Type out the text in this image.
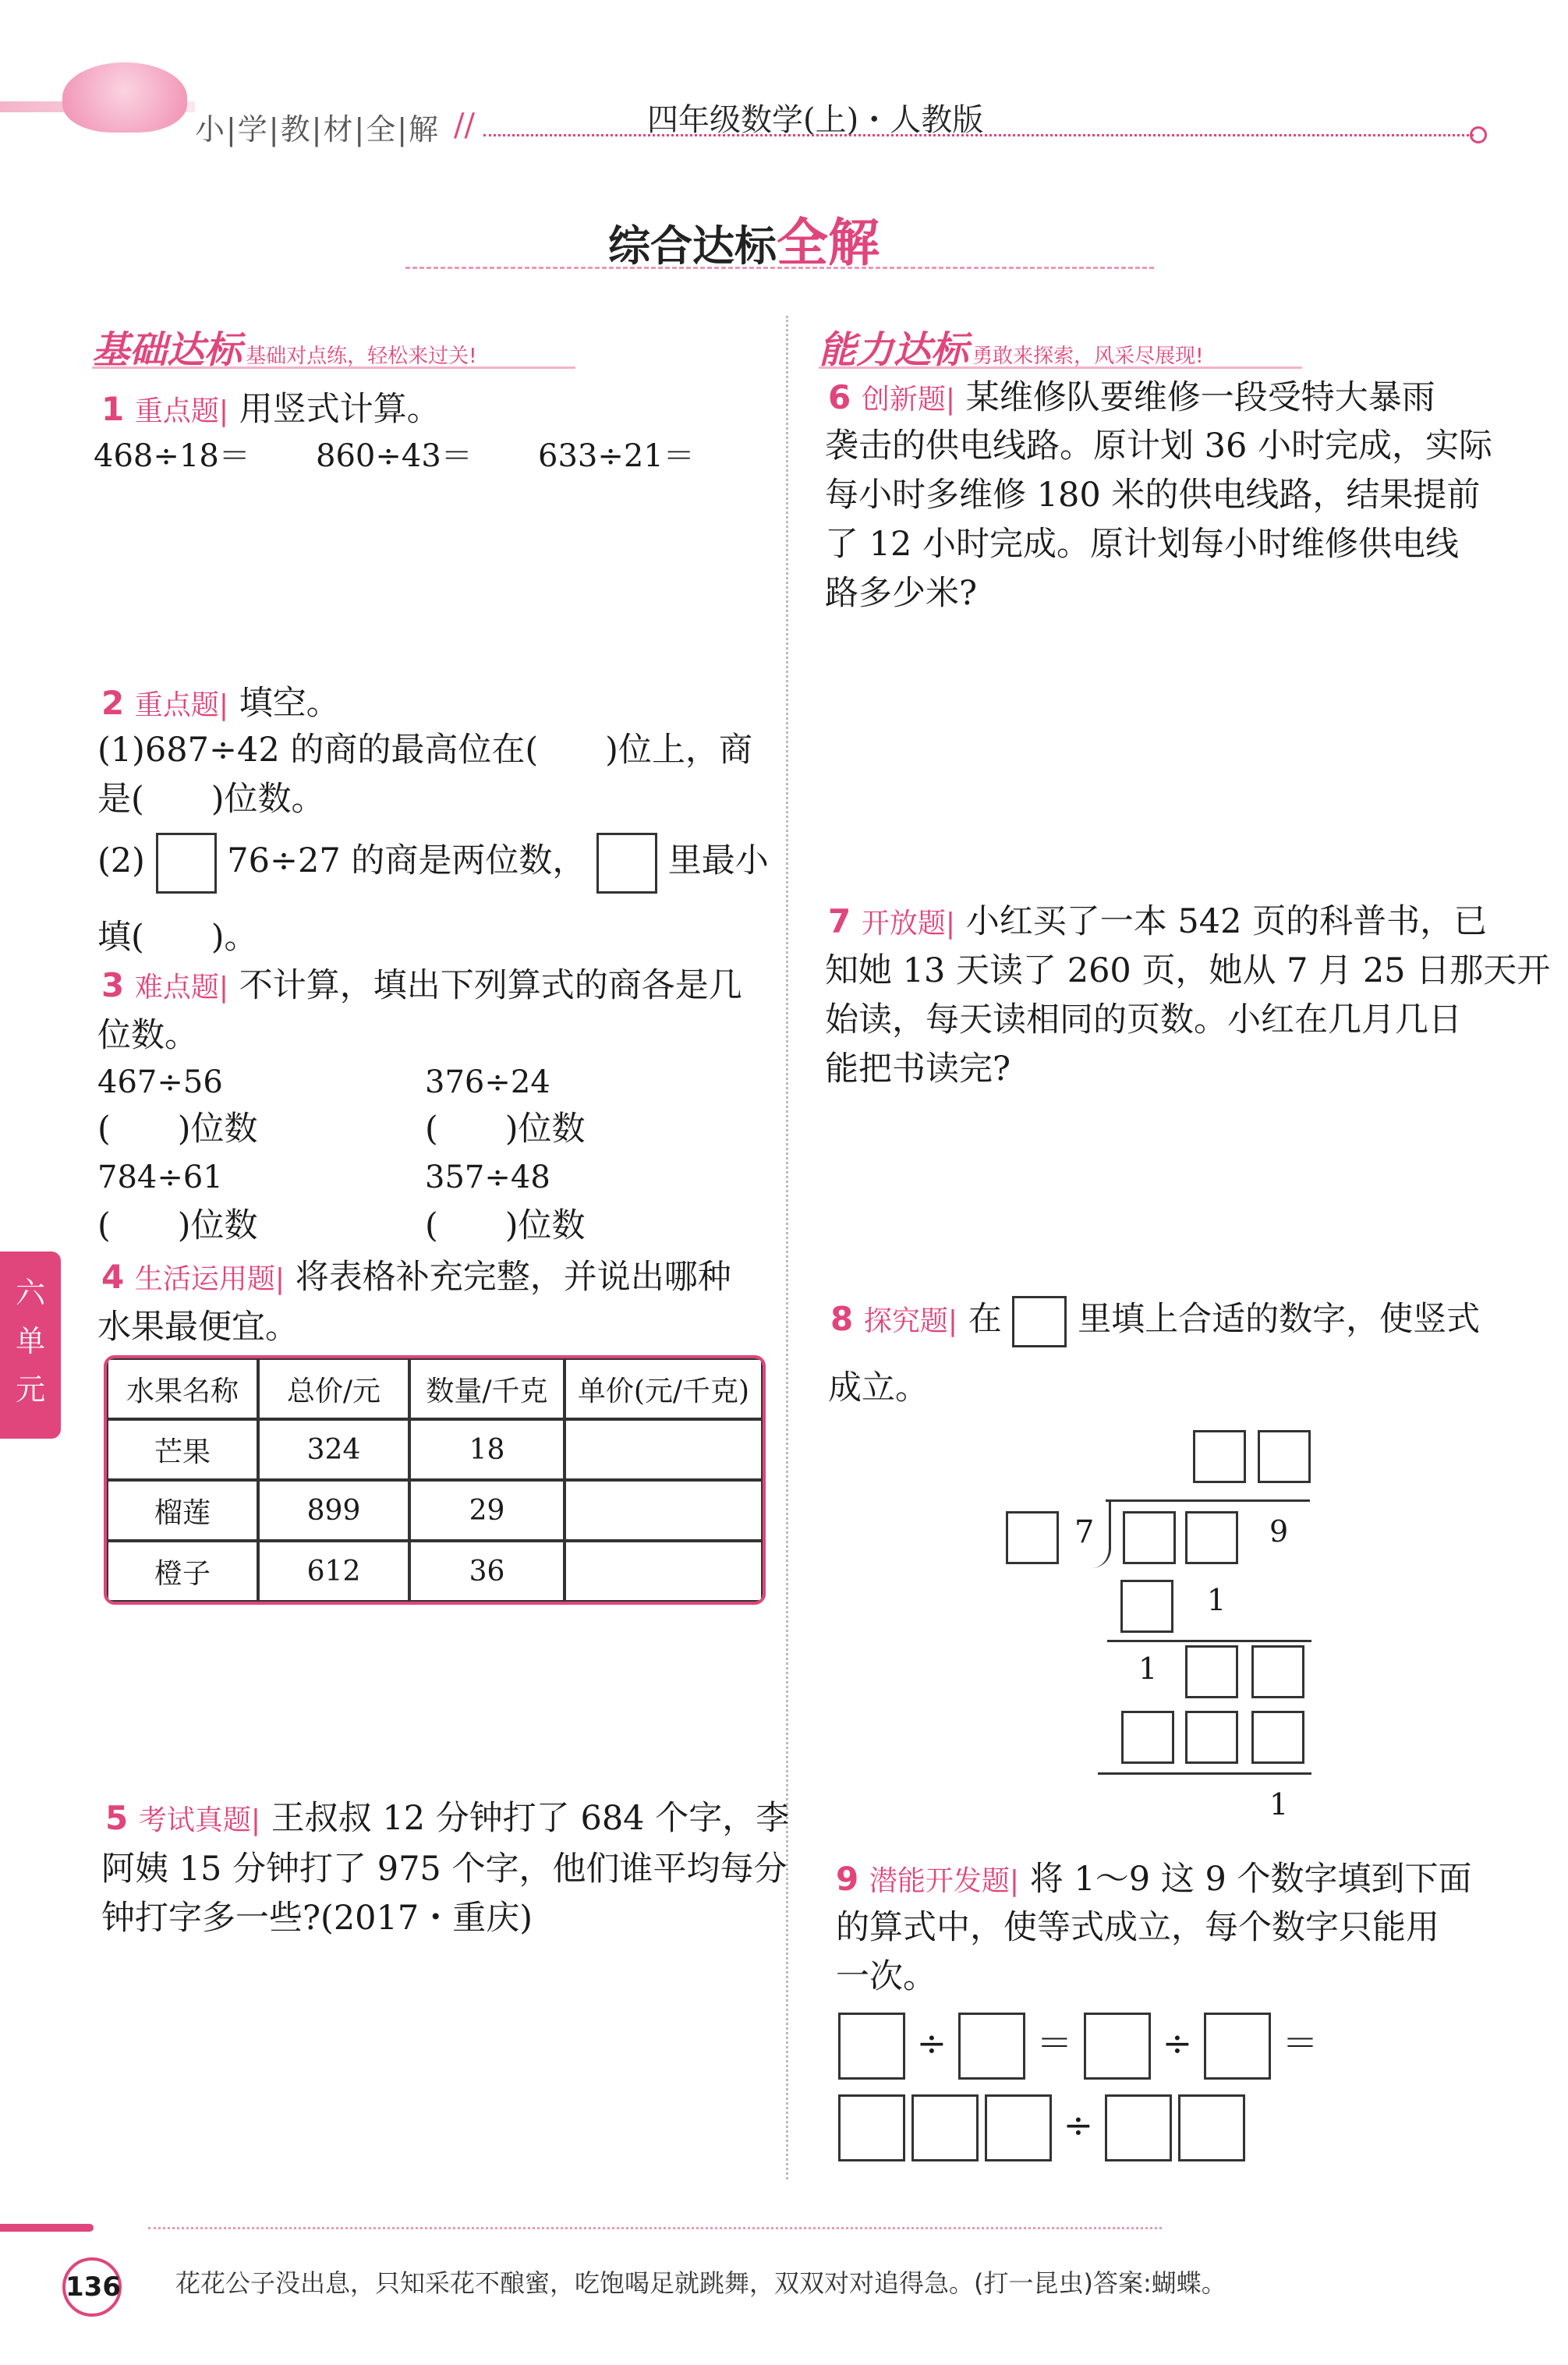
小|学|教|材|全|解 //	四年级数学(上)・人教版
综合达标全解
基础达标 基础对点练，轻松来过关!
1 重点题| 用竖式计算。
468÷18＝ 860÷43＝ 633÷21＝
2 重点题| 填空。
(1)687÷42 的商的最高位在(　　)位上，商
是(　　)位数。
(2) 76÷27 的商是两位数， 里最小
填(　　)。
3 难点题| 不计算，填出下列算式的商各是几
位数。
467÷56	376÷24
(　　)位数	(　　)位数
784÷61	357÷48
(　　)位数	(　　)位数
4 生活运用题| 将表格补充完整，并说出哪种
水果最便宜。
水果名称	总价/元	数量/千克	单价(元/千克)
芒果	324	18	
榴莲	899	29	
橙子	612	36	
5 考试真题| 王叔叔 12 分钟打了 684 个字，李
阿姨 15 分钟打了 975 个字，他们谁平均每分
钟打字多一些?(2017・重庆)
能力达标 勇敢来探索，风采尽展现!
6 创新题| 某维修队要维修一段受特大暴雨
袭击的供电线路。原计划 36 小时完成，实际
每小时多维修 180 米的供电线路，结果提前
了 12 小时完成。原计划每小时维修供电线
路多少米?
7 开放题| 小红买了一本 542 页的科普书，已
知她 13 天读了 260 页，她从 7 月 25 日那天开
始读，每天读相同的页数。小红在几月几日
能把书读完?
8 探究题| 在 里填上合适的数字，使竖式
成立。
7	9
1
1
1
9 潜能开发题| 将 1～9 这 9 个数字填到下面
的算式中，使等式成立，每个数字只能用
一次。
÷	＝	÷	＝
÷
六
单
元
136 花花公子没出息，只知采花不酿蜜，吃饱喝足就跳舞，双双对对追得急。(打一昆虫)答案:蝴蝶。
